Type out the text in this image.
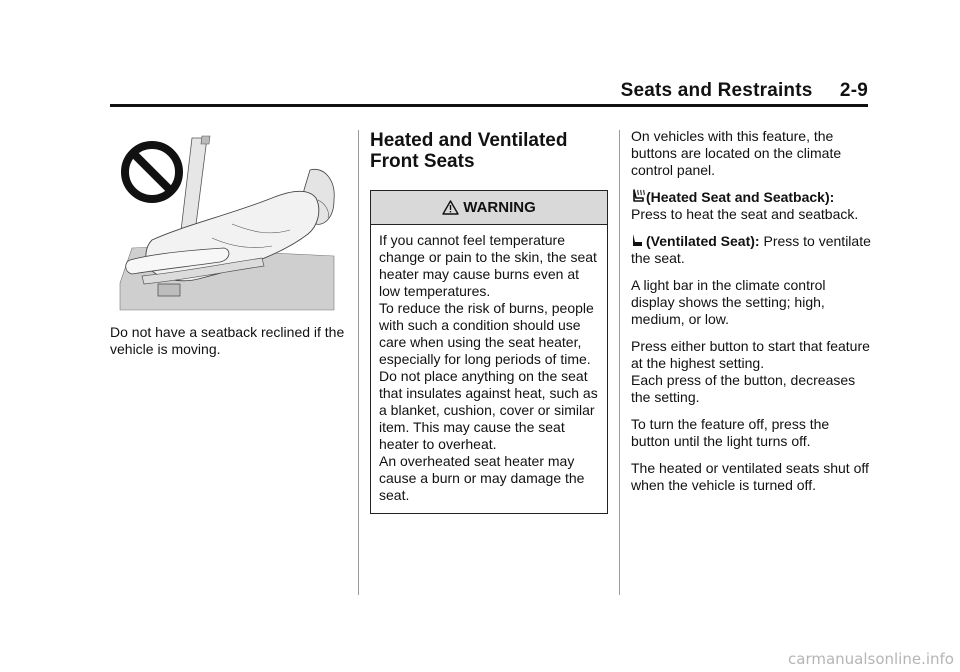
Seats and Restraints     2-9

Do not have a seatback reclined if the vehicle is moving.

Heated and Ventilated
Front Seats
WARNING

If you cannot feel temperature change or pain to the skin, the seat heater may cause burns even at low temperatures.

To reduce the risk of burns, people with such a condition should use care when using the seat heater, especially for long periods of time. Do not place anything on the seat that insulates against heat, such as a blanket, cushion, cover or similar item. This may cause the seat heater to overheat.

An overheated seat heater may cause a burn or may damage the seat.

On vehicles with this feature, the buttons are located on the climate control panel.

(Heated Seat and Seatback):
Press to heat the seat and seatback.

(Ventilated Seat): Press to ventilate the seat.

A light bar in the climate control display shows the setting; high, medium, or low.

Press either button to start that feature at the highest setting.

Each press of the button, decreases the setting.

To turn the feature off, press the button until the light turns off.

The heated or ventilated seats shut off when the vehicle is turned off.

carmanualsonline.info
